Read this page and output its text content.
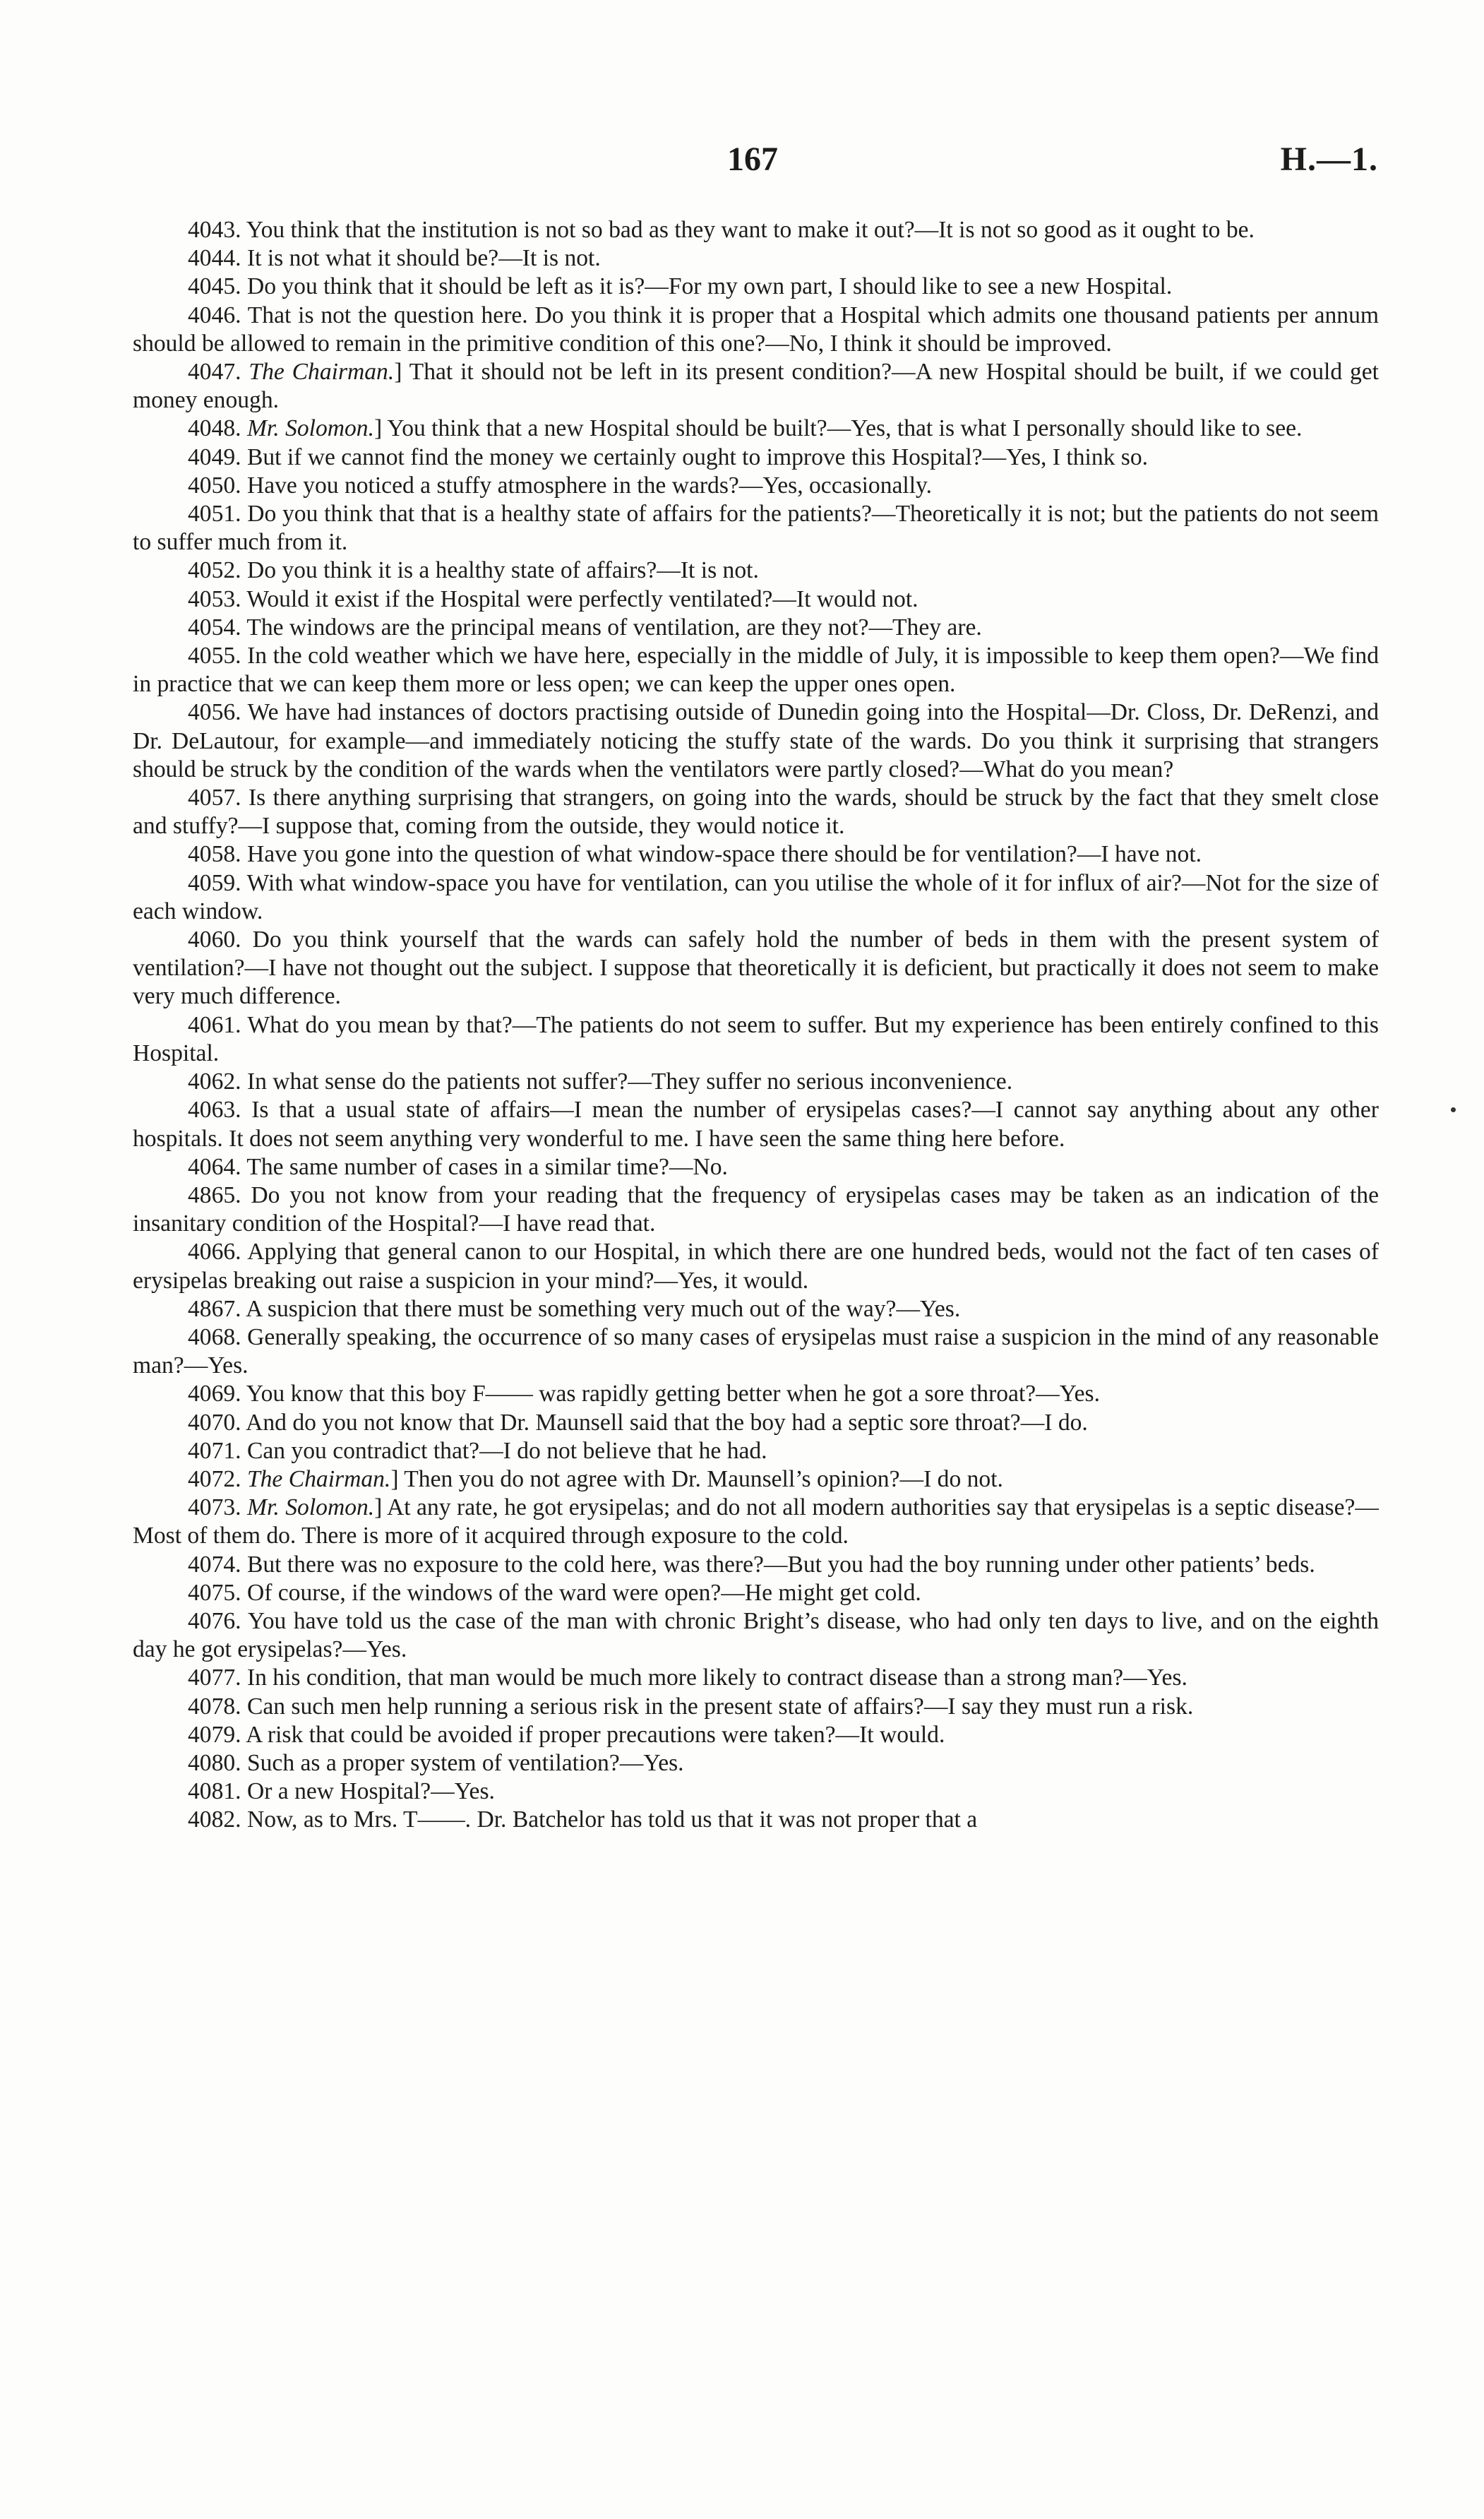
167	H.—1.

4043. You think that the institution is not so bad as they want to make it out?—It is not so good as it ought to be.

4044. It is not what it should be?—It is not.

4045. Do you think that it should be left as it is?—For my own part, I should like to see a new Hospital.

4046. That is not the question here. Do you think it is proper that a Hospital which admits one thousand patients per annum should be allowed to remain in the primitive condition of this one?—No, I think it should be improved.

4047. The Chairman.] That it should not be left in its present condition?—A new Hospital should be built, if we could get money enough.

4048. Mr. Solomon.] You think that a new Hospital should be built?—Yes, that is what I personally should like to see.

4049. But if we cannot find the money we certainly ought to improve this Hospital?—Yes, I think so.

4050. Have you noticed a stuffy atmosphere in the wards?—Yes, occasionally.

4051. Do you think that that is a healthy state of affairs for the patients?—Theoretically it is not; but the patients do not seem to suffer much from it.

4052. Do you think it is a healthy state of affairs?—It is not.

4053. Would it exist if the Hospital were perfectly ventilated?—It would not.

4054. The windows are the principal means of ventilation, are they not?—They are.

4055. In the cold weather which we have here, especially in the middle of July, it is impossible to keep them open?—We find in practice that we can keep them more or less open; we can keep the upper ones open.

4056. We have had instances of doctors practising outside of Dunedin going into the Hospital—Dr. Closs, Dr. DeRenzi, and Dr. DeLautour, for example—and immediately noticing the stuffy state of the wards. Do you think it surprising that strangers should be struck by the condition of the wards when the ventilators were partly closed?—What do you mean?

4057. Is there anything surprising that strangers, on going into the wards, should be struck by the fact that they smelt close and stuffy?—I suppose that, coming from the outside, they would notice it.

4058. Have you gone into the question of what window-space there should be for ventilation?—I have not.

4059. With what window-space you have for ventilation, can you utilise the whole of it for influx of air?—Not for the size of each window.

4060. Do you think yourself that the wards can safely hold the number of beds in them with the present system of ventilation?—I have not thought out the subject. I suppose that theoretically it is deficient, but practically it does not seem to make very much difference.

4061. What do you mean by that?—The patients do not seem to suffer. But my experience has been entirely confined to this Hospital.

4062. In what sense do the patients not suffer?—They suffer no serious inconvenience.

4063. Is that a usual state of affairs—I mean the number of erysipelas cases?—I cannot say anything about any other hospitals. It does not seem anything very wonderful to me. I have seen the same thing here before.

4064. The same number of cases in a similar time?—No.

4865. Do you not know from your reading that the frequency of erysipelas cases may be taken as an indication of the insanitary condition of the Hospital?—I have read that.

4066. Applying that general canon to our Hospital, in which there are one hundred beds, would not the fact of ten cases of erysipelas breaking out raise a suspicion in your mind?—Yes, it would.

4867. A suspicion that there must be something very much out of the way?—Yes.

4068. Generally speaking, the occurrence of so many cases of erysipelas must raise a suspicion in the mind of any reasonable man?—Yes.

4069. You know that this boy F—— was rapidly getting better when he got a sore throat?—Yes.

4070. And do you not know that Dr. Maunsell said that the boy had a septic sore throat?—I do.

4071. Can you contradict that?—I do not believe that he had.

4072. The Chairman.] Then you do not agree with Dr. Maunsell’s opinion?—I do not.

4073. Mr. Solomon.] At any rate, he got erysipelas; and do not all modern authorities say that erysipelas is a septic disease?—Most of them do. There is more of it acquired through exposure to the cold.

4074. But there was no exposure to the cold here, was there?—But you had the boy running under other patients’ beds.

4075. Of course, if the windows of the ward were open?—He might get cold.

4076. You have told us the case of the man with chronic Bright’s disease, who had only ten days to live, and on the eighth day he got erysipelas?—Yes.

4077. In his condition, that man would be much more likely to contract disease than a strong man?—Yes.

4078. Can such men help running a serious risk in the present state of affairs?—I say they must run a risk.

4079. A risk that could be avoided if proper precautions were taken?—It would.

4080. Such as a proper system of ventilation?—Yes.

4081. Or a new Hospital?—Yes.

4082. Now, as to Mrs. T——. Dr. Batchelor has told us that it was not proper that a
